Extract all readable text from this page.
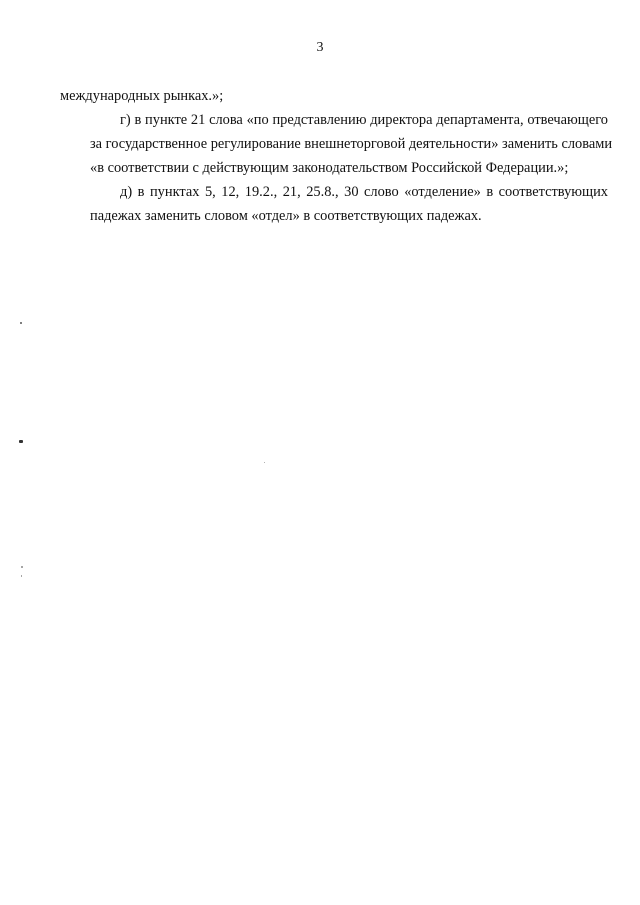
3

международных рынках.»;

г) в пункте 21 слова «по представлению директора департамента, отвечающего
за государственное регулирование внешнеторговой деятельности» заменить словами
«в соответствии с действующим законодательством Российской Федерации.»;

д) в пунктах 5, 12, 19.2., 21, 25.8., 30 слово «отделение» в соответствующих
падежах заменить словом «отдел» в соответствующих падежах.
